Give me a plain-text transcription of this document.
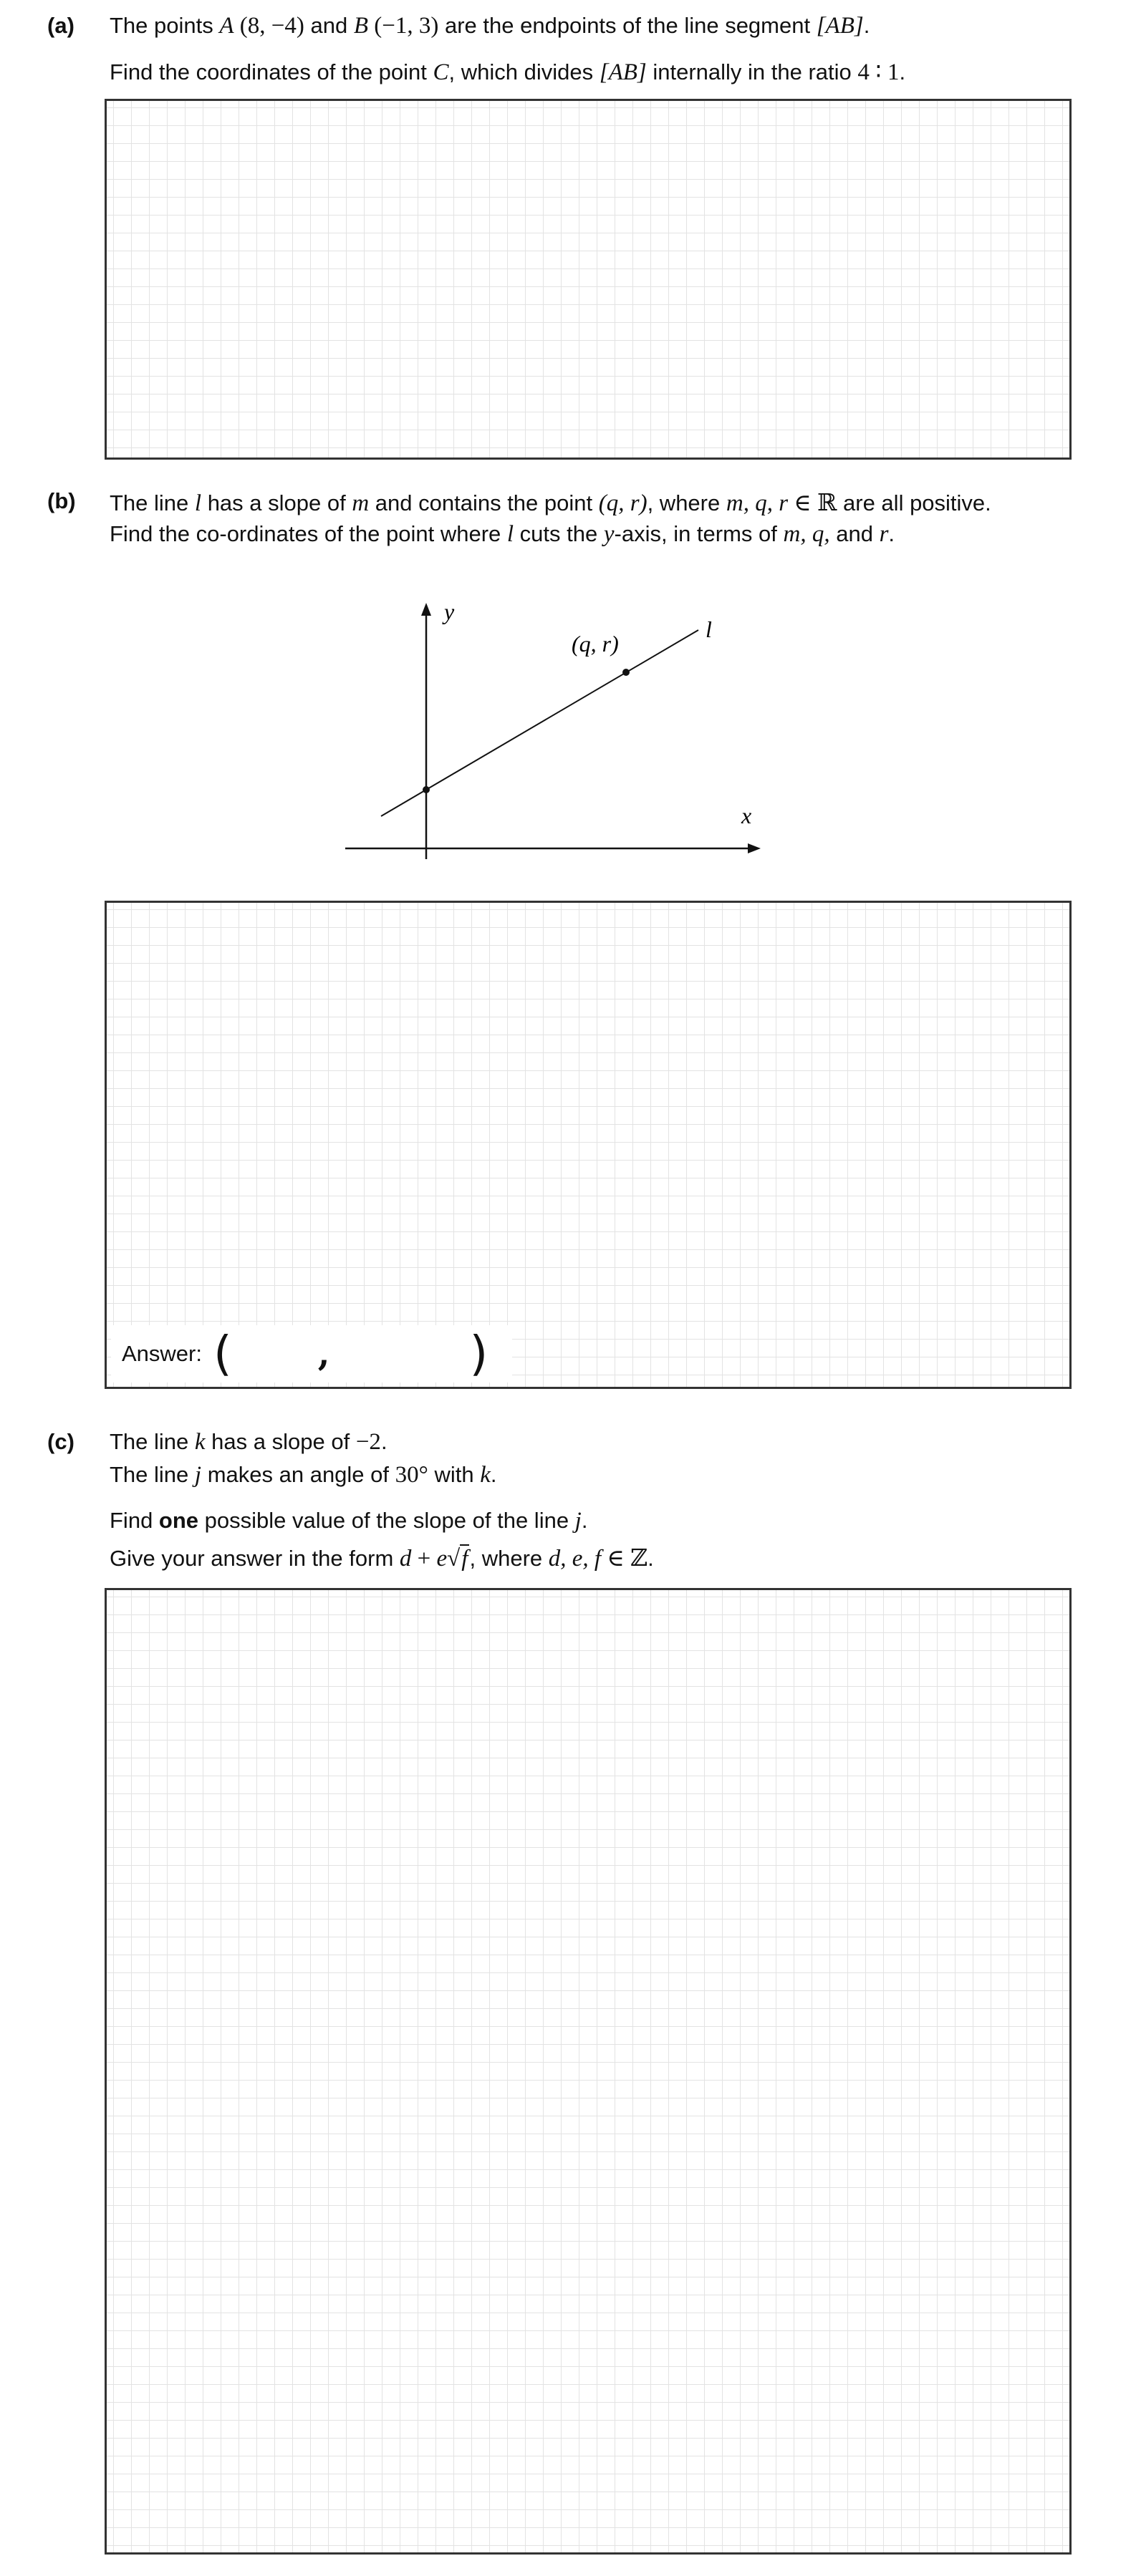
(a) The points A (8, −4) and B (−1, 3) are the endpoints of the line segment [AB].
Find the coordinates of the point C, which divides [AB] internally in the ratio 4 ∶ 1.
(b) The line l has a slope of m and contains the point (q, r), where m, q, r ∈ ℝ are all positive.
Find the co-ordinates of the point where l cuts the y-axis, in terms of m, q, and r.
y
x
l
(q, r)
Answer: (	,	)
(c) The line k has a slope of −2.
The line j makes an angle of 30° with k.
Find one possible value of the slope of the line j.
Give your answer in the form d + e√f, where d, e, f ∈ ℤ.
